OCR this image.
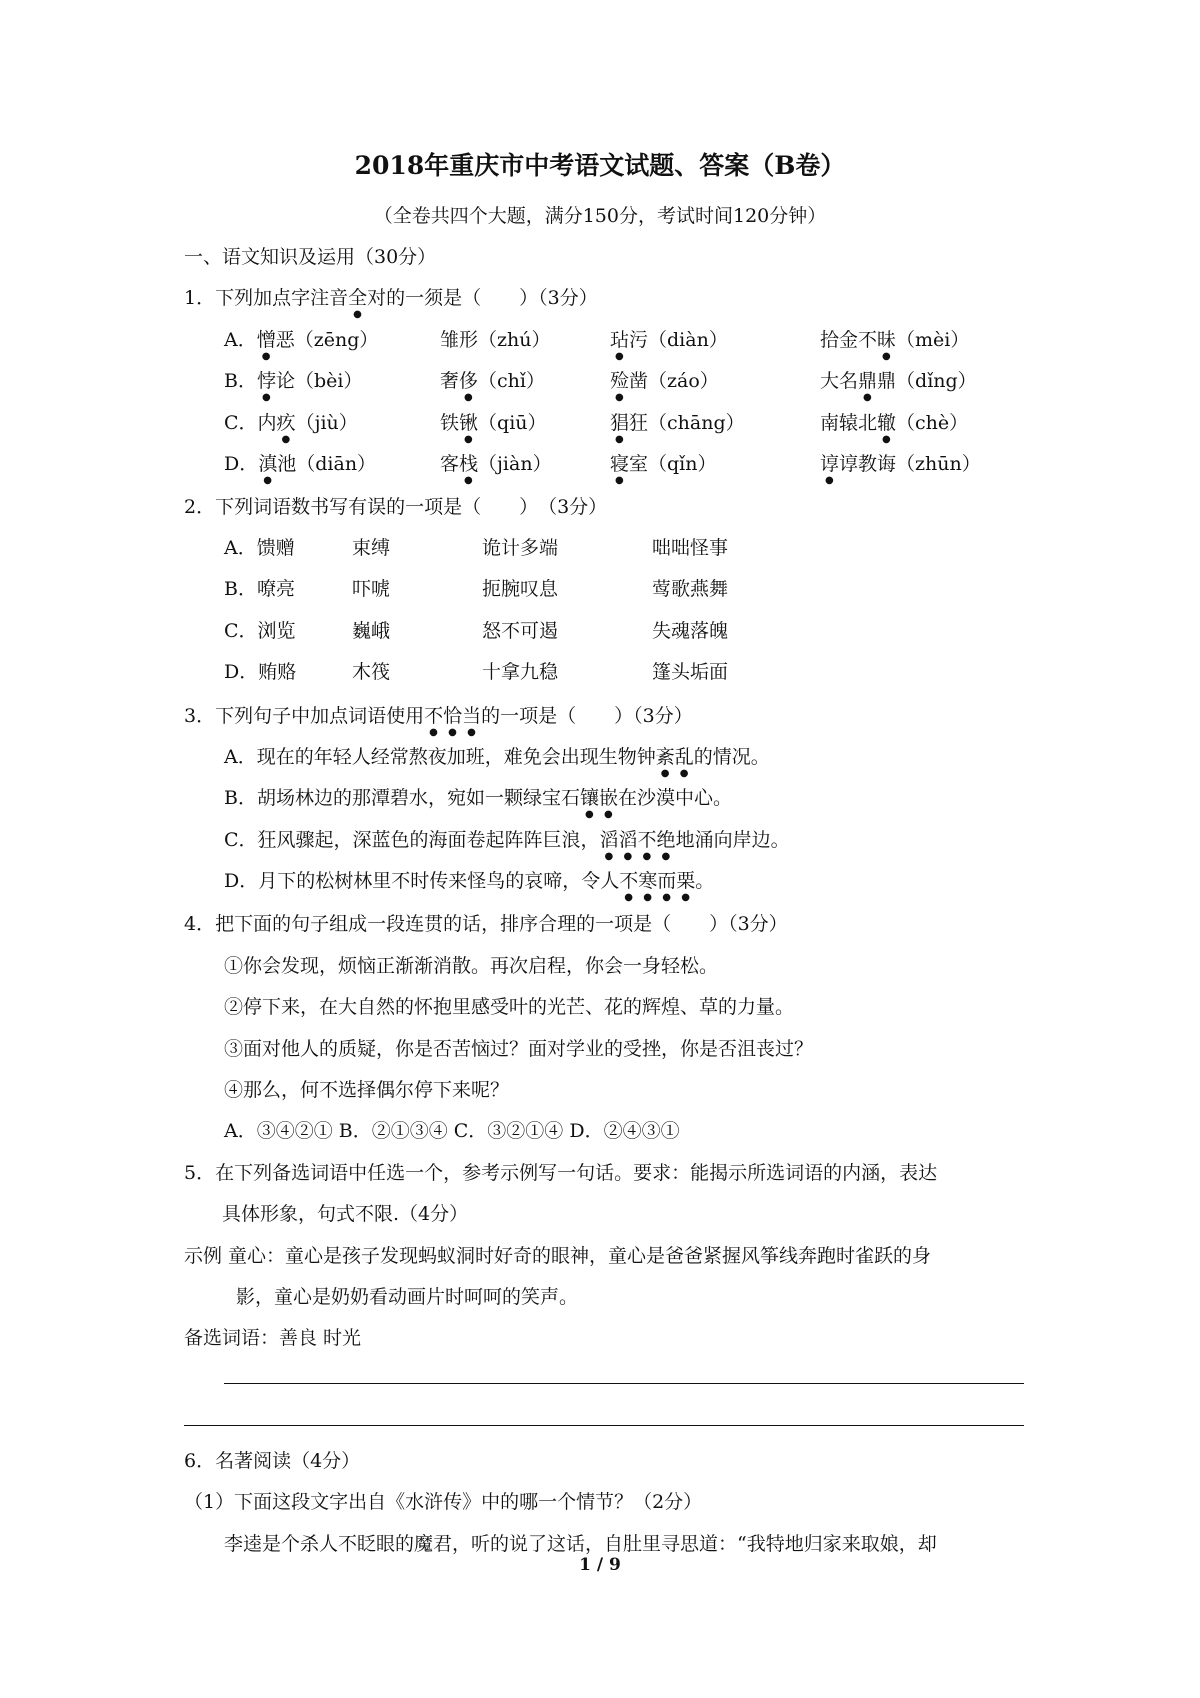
2018年重庆市中考语文试题、答案（B卷）
（全卷共四个大题，满分150分，考试时间120分钟）
一、语文知识及运用（30分）
1．下列加点字注音全对的一须是（　　）（3分）
A．憎恶（zēng）	雏形（zhú）	玷污（diàn）	拾金不昧（mèi）
B．悖论（bèi）	奢侈（chǐ）	殓凿（záo）	大名鼎鼎（dǐng）
C．内疚（jiù）	铁锹（qiū）	猖狂（chāng）	南辕北辙（chè）
D．滇池（diān）	客栈（jiàn）	寝室（qǐn）	谆谆教诲（zhūn）
2．下列词语数书写有误的一项是（　　）　（3分）
A．馈赠	束缚	诡计多端	咄咄怪事
B．嘹亮	吓唬	扼腕叹息	莺歌燕舞
C．浏览	巍峨	怒不可遏	失魂落魄
D．贿赂	木筏	十拿九稳	篷头垢面
3．下列句子中加点词语使用不恰当的一项是（　　）（3分）
A．现在的年轻人经常熬夜加班，难免会出现生物钟紊乱的情况。
B．胡场林边的那潭碧水，宛如一颗绿宝石镶嵌在沙漠中心。
C．狂风骤起，深蓝色的海面卷起阵阵巨浪，滔滔不绝地涌向岸边。
D．月下的松树林里不时传来怪鸟的哀啼，令人不寒而栗。
4．把下面的句子组成一段连贯的话，排序合理的一项是（　　）（3分）
①你会发现，烦恼正渐渐消散。再次启程，你会一身轻松。
②停下来，在大自然的怀抱里感受叶的光芒、花的辉煌、草的力量。
③面对他人的质疑，你是否苦恼过？面对学业的受挫，你是否沮丧过？
④那么，何不选择偶尔停下来呢？
A．③④②① B．②①③④ C．③②①④ D．②④③①
5．在下列备选词语中任选一个，参考示例写一句话。要求：能揭示所选词语的内涵，表达
具体形象，句式不限.（4分）
示例 童心：童心是孩子发现蚂蚁洞时好奇的眼神，童心是爸爸紧握风筝线奔跑时雀跃的身
影，童心是奶奶看动画片时呵呵的笑声。
备选词语：善良 时光
6．名著阅读（4分）
（1）下面这段文字出自《水浒传》中的哪一个情节？（2分）
李逵是个杀人不眨眼的魔君，听的说了这话，自肚里寻思道：“我特地归家来取娘，却
1 / 9
